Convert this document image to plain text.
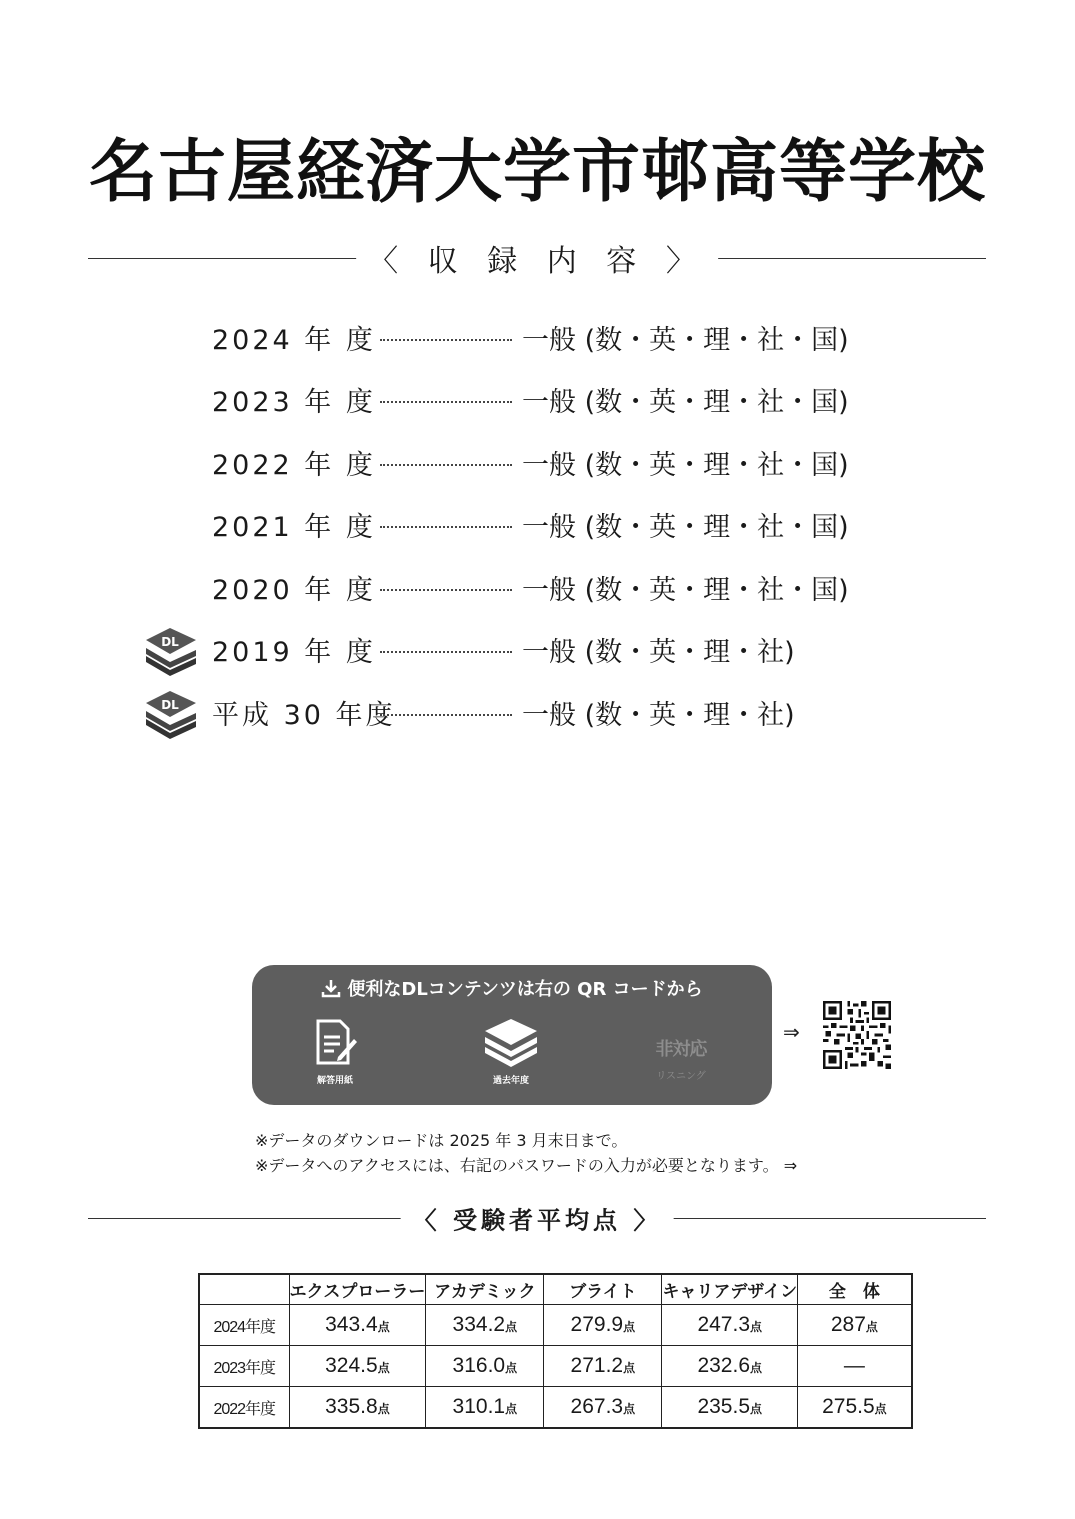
名古屋経済大学市邨高等学校
〈 収 録 内 容 〉
2024 年 度	一般 (数・英・理・社・国)
2023 年 度	一般 (数・英・理・社・国)
2022 年 度	一般 (数・英・理・社・国)
2021 年 度	一般 (数・英・理・社・国)
2020 年 度	一般 (数・英・理・社・国)
DL 2019 年 度	一般 (数・英・理・社)
DL 平成 30 年度	一般 (数・英・理・社)
便利なDLコンテンツは右の QR コードから
解答用紙	過去年度
非対応
リスニング
⇒
※データのダウンロードは 2025 年 3 月末日まで。
※データへのアクセスには、右記のパスワードの入力が必要となります。 ⇒
〈 受験者平均点 〉
	エクスプローラー	アカデミック	ブライト	キャリアデザイン	全　体
2024年度	343.4点	334.2点	279.9点	247.3点	287点
2023年度	324.5点	316.0点	271.2点	232.6点	—
2022年度	335.8点	310.1点	267.3点	235.5点	275.5点
